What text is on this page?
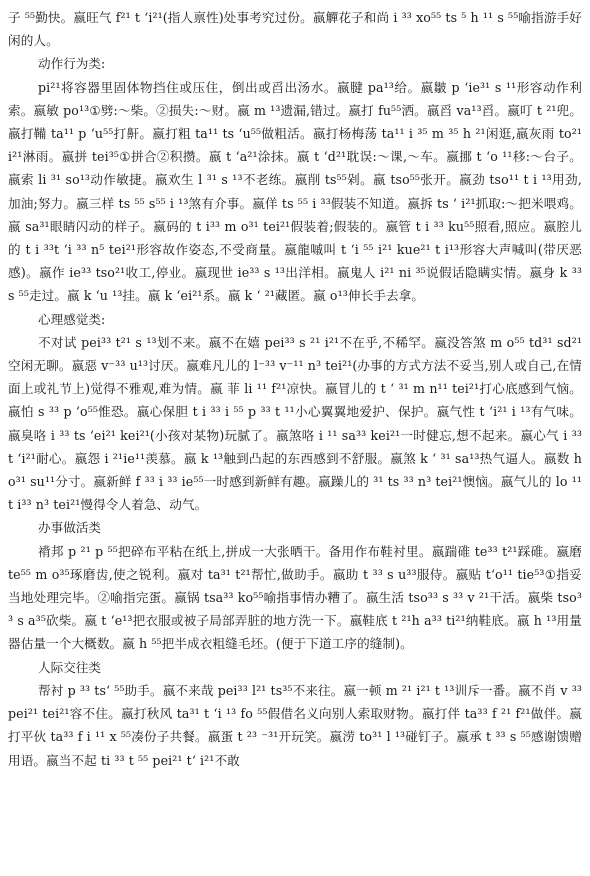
子 ⁵⁵勤快。嬴旺气 f²¹ t ‘i²¹(指人禀性)处事考究过份。嬴觶花子和尚 i ³³ xo⁵⁵ ts ⁵ h ¹¹ s ⁵⁵喻指游手好闲的人。

动作行为类:

pi²¹将容器里固体物挡住或压住，倒出或舀出汤水。嬴腱 pa¹³给。嬴皺 p ‘ie³¹ s ¹¹形容动作利索。嬴敏 po¹³①劈:～柴。②损失:～财。嬴 m ¹³遗漏,错过。嬴打 fu⁵⁵洒。嬴舀 va¹³舀。嬴叮 t ²¹兜。嬴打鞴 ta¹¹ p ‘u⁵⁵打鼾。嬴打粗 ta¹¹ ts ‘u⁵⁵做粗活。嬴打杨梅荡 ta¹¹ i ³⁵ m ³⁵ h ²¹闲逛,嬴灰雨 to²¹ i²¹淋雨。嬴拼 tei³⁵①拼合②积攒。嬴 t ‘a²¹涂抹。嬴 t ‘d²¹耽误:～课,～车。嬴挪 t ‘o ¹¹移:～台子。嬴索 li ³¹ so¹³动作敏捷。嬴欢生 l ³¹ s ¹³不老练。嬴削 ts⁵⁵剁。嬴 tso⁵⁵张开。嬴劲 tso¹¹ t i ¹³用劲,加油;努力。嬴三样 ts ⁵⁵ s⁵⁵ i ¹³煞有介事。嬴佯 ts ⁵⁵ i ³³假装不知道。嬴拆 ts ‘ i²¹抓取:～把米喂鸡。嬴 sa³¹眼睛闪动的样子。嬴码的 t i³³ m o³¹ tei²¹假装着;假装的。嬴管 t i ³³ ku⁵⁵照看,照应。嬴腔儿的 t i ³³t ‘i ³³ n⁵ tei²¹形容故作姿态,不受商量。嬴龍嘁叫 t ‘i ⁵⁵ i²¹ kue²¹ t i¹³形容大声喊叫(带厌恶感)。嬴作 ie³³ tso²¹收工,停业。嬴现世 ie³³ s ¹³出洋相。嬴鬼人 i²¹ ni ³⁵说假话隐瞒实情。嬴身 k ³³ s ⁵⁵走过。嬴 k ‘u ¹³挂。嬴 k ‘ei²¹系。嬴 k ‘ ²¹藏匿。嬴 o¹³伸长手去拿。

心理感觉类:

不对试 pei³³ t²¹ s ¹³划不来。嬴不在嬉 pei³³ s ²¹ i²¹不在乎,不稀罕。嬴没答煞 m o⁵⁵ td³¹ sd²¹空闲无聊。嬴惡 v⁻³³ u¹³讨厌。嬴难凡儿的 l⁻³³ v⁻¹¹ n³ tei²¹(办事的方式方法不妥当,别人或自己,在情面上或礼节上)觉得不雅观,难为情。嬴 菲 li ¹¹ f²¹凉快。嬴冒儿的 t ‘ ³¹ m n¹¹ tei²¹打心底感到气恼。嬴怕 s ³³ p ‘o⁵⁵惟恐。嬴心保胆 t i ³³ i ⁵⁵ p ³³ t ¹¹小心翼翼地爱护、保护。嬴气性 t ‘i²¹ i ¹³有气味。嬴臭咯 i ³³ ts ‘ei²¹ kei²¹(小孩对某物)玩腻了。嬴煞咯 i ¹¹ sa³³ kei²¹一时健忘,想不起来。嬴心气 i ³³ t ‘i²¹耐心。嬴怨 i ²¹ie¹¹羡慕。嬴 k ¹³触到凸起的东西感到不舒服。嬴煞 k ‘ ³¹ sa¹³热气逼人。嬴数 h o³¹ su¹¹分寸。嬴新鲜 f ³³ i ³³ ie⁵⁵一时感到新鲜有趣。嬴躁儿的 ³¹ ts ³³ n³ tei²¹懊恼。嬴气儿的 lo ¹¹ t i³³ n³ tei²¹慢得令人着急、动气。

办事做活类

褙邦 p ²¹ p ⁵⁵把碎布平粘在纸上,拼成一大张晒干。备用作布鞋衬里。嬴踹碓 te³³ t²¹踩碓。嬴磨 te⁵⁵ m o³⁵琢磨齿,使之锐利。嬴对 ta³¹ t²¹帮忙,做助手。嬴助 t ³³ s u³³服侍。嬴贴 t‘o¹¹ tie⁵³①指妥当地处理完毕。②喻指完蛋。嬴锅 tsa³³ ko⁵⁵喻指事情办糟了。嬴生活 tso³³ s ³³ v ²¹干活。嬴柴 tso³³ s a³⁵砍柴。嬴 t ‘e¹³把衣服或被子局部弄脏的地方洗一下。嬴鞋底 t ²¹h a³³ ti²¹纳鞋底。嬴 h ¹³用量器估量一个大概数。嬴 h ⁵⁵把半成衣粗缝毛坯。(便于下道工序的缝制)。

人际交往类

帮衬 p ³³ ts‘ ⁵⁵助手。嬴不来哉 pei³³ l²¹ ts³⁵不来往。嬴一顿 m ²¹ i²¹ t ¹³训斥一番。嬴不肖 v ³³ pei²¹ tei²¹容不住。嬴打秋风 ta³¹ t ‘i ¹³ fo ⁵⁵假借名义向别人索取财物。嬴打伴 ta³³ f ²¹ f²¹做伴。嬴打平伙 ta³³ f i ¹¹ x ⁵⁵凑份子共餐。嬴蛋 t ²³ ⁻³¹开玩笑。嬴涝 to³¹ l ¹³碰钉子。嬴承 t ³³ s ⁵⁵感谢馈赠用语。嬴当不起 ti ³³ t ⁵⁵ pei²¹ t‘ i²¹不敢
